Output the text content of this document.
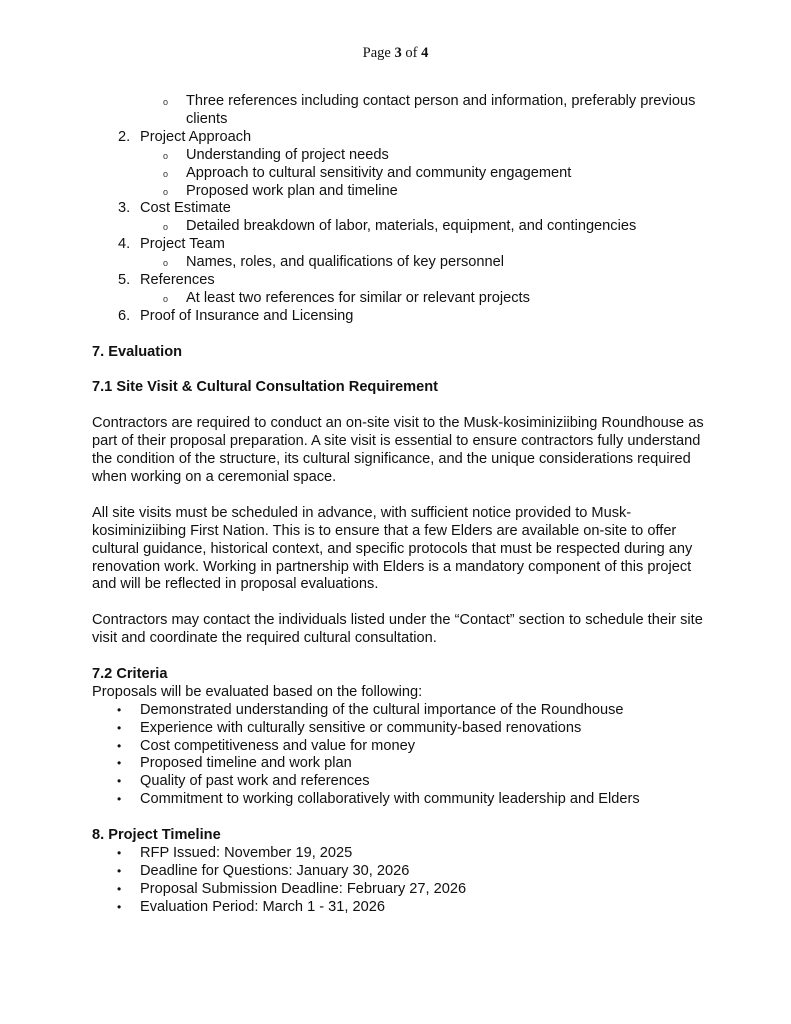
Page 3 of 4
o Three references including contact person and information, preferably previous clients
2. Project Approach
o Understanding of project needs
o Approach to cultural sensitivity and community engagement
o Proposed work plan and timeline
3. Cost Estimate
o Detailed breakdown of labor, materials, equipment, and contingencies
4. Project Team
o Names, roles, and qualifications of key personnel
5. References
o At least two references for similar or relevant projects
6. Proof of Insurance and Licensing

7. Evaluation

7.1 Site Visit & Cultural Consultation Requirement

Contractors are required to conduct an on-site visit to the Musk-kosiminiziibing Roundhouse as part of their proposal preparation. A site visit is essential to ensure contractors fully understand the condition of the structure, its cultural significance, and the unique considerations required when working on a ceremonial space.

All site visits must be scheduled in advance, with sufficient notice provided to Musk-kosiminiziibing First Nation. This is to ensure that a few Elders are available on-site to offer cultural guidance, historical context, and specific protocols that must be respected during any renovation work. Working in partnership with Elders is a mandatory component of this project and will be reflected in proposal evaluations.

Contractors may contact the individuals listed under the “Contact” section to schedule their site visit and coordinate the required cultural consultation.

7.2 Criteria

Proposals will be evaluated based on the following:

• Demonstrated understanding of the cultural importance of the Roundhouse
• Experience with culturally sensitive or community-based renovations
• Cost competitiveness and value for money
• Proposed timeline and work plan
• Quality of past work and references
• Commitment to working collaboratively with community leadership and Elders

8. Project Timeline

• RFP Issued: November 19, 2025
• Deadline for Questions: January 30, 2026
• Proposal Submission Deadline: February 27, 2026
• Evaluation Period: March 1 - 31, 2026
